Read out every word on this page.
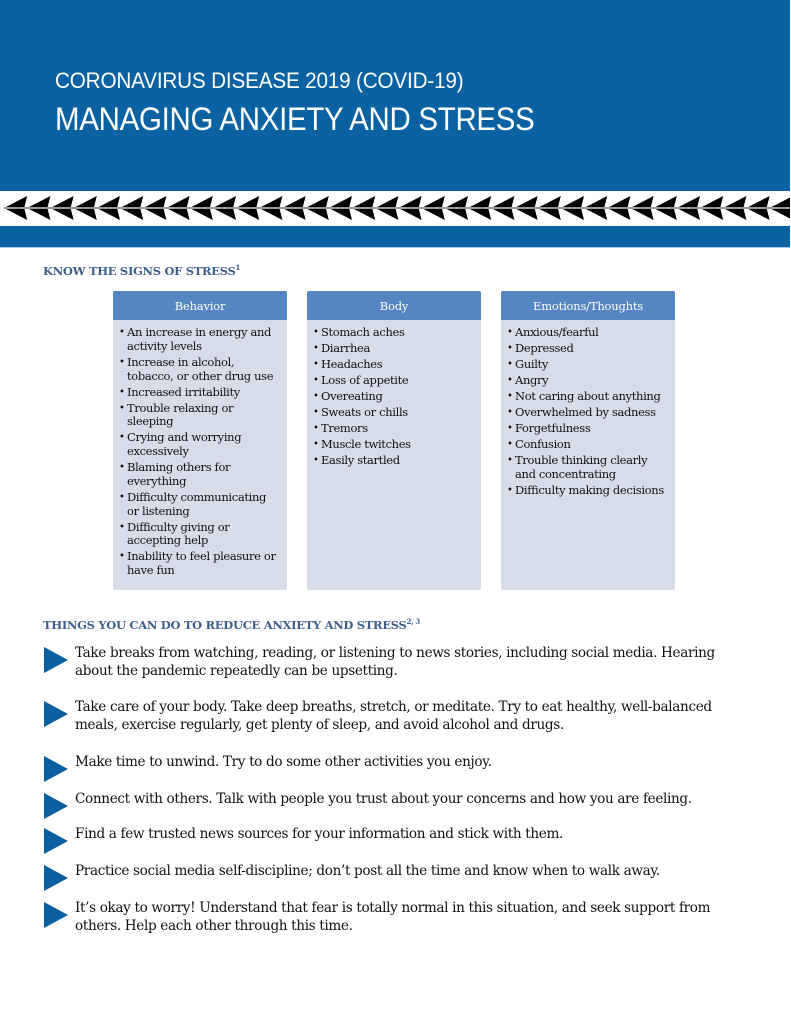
CORONAVIRUS DISEASE 2019 (COVID-19)
MANAGING ANXIETY AND STRESS
KNOW THE SIGNS OF STRESS$^1$
Behavior
• An increase in energy and activity levels
• Increase in alcohol, tobacco, or other drug use
• Increased irritability
• Trouble relaxing or sleeping
• Crying and worrying excessively
• Blaming others for everything
• Difficulty communicating or listening
• Difficulty giving or accepting help
• Inability to feel pleasure or have fun
Body
• Stomach aches
• Diarrhea
• Headaches
• Loss of appetite
• Overeating
• Sweats or chills
• Tremors
• Muscle twitches
• Easily startled
Emotions/Thoughts
• Anxious/fearful
• Depressed
• Guilty
• Angry
• Not caring about anything
• Overwhelmed by sadness
• Forgetfulness
• Confusion
• Trouble thinking clearly and concentrating
• Difficulty making decisions
THINGS YOU CAN DO TO REDUCE ANXIETY AND STRESS$^{2, 3}$
Take breaks from watching, reading, or listening to news stories, including social media. Hearing about the pandemic repeatedly can be upsetting.
Take care of your body. Take deep breaths, stretch, or meditate. Try to eat healthy, well-balanced meals, exercise regularly, get plenty of sleep, and avoid alcohol and drugs.
Make time to unwind. Try to do some other activities you enjoy.
Connect with others. Talk with people you trust about your concerns and how you are feeling.
Find a few trusted news sources for your information and stick with them.
Practice social media self-discipline; don’t post all the time and know when to walk away.
It’s okay to worry! Understand that fear is totally normal in this situation, and seek support from others. Help each other through this time.
